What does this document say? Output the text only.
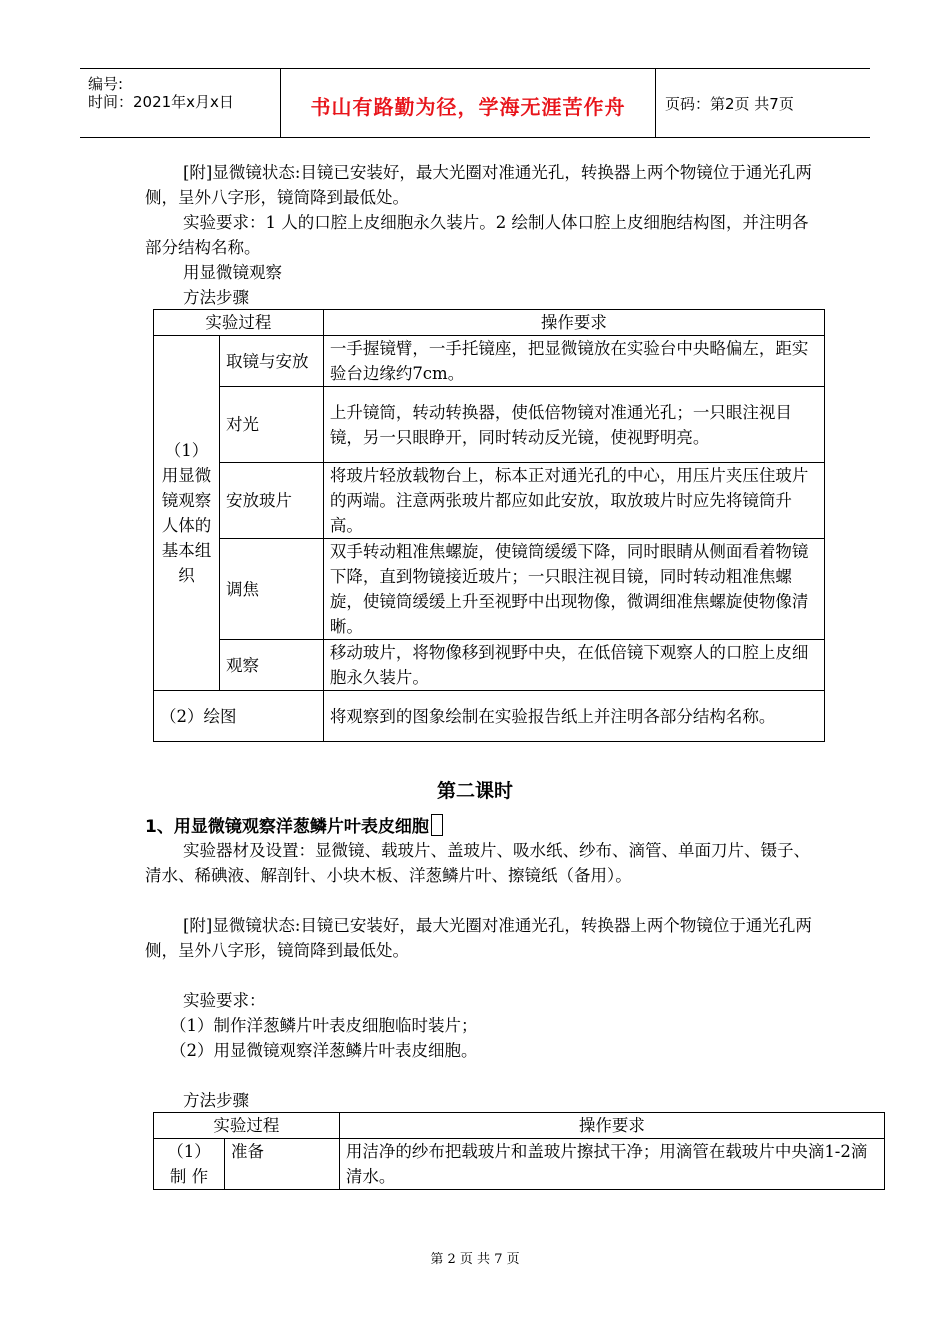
编号:
时间：2021年x月x日	书山有路勤为径，学海无涯苦作舟	页码：第2页 共7页
[附]显微镜状态:目镜已安装好，最大光圈对准通光孔，转换器上两个物镜位于通光孔两侧，呈外八字形，镜筒降到最低处。
实验要求：1 人的口腔上皮细胞永久装片。2 绘制人体口腔上皮细胞结构图，并注明各部分结构名称。
用显微镜观察
方法步骤
实验过程		操作要求
（1）用显微镜观察人体的基本组织	取镜与安放	一手握镜臂，一手托镜座，把显微镜放在实验台中央略偏左，距实验台边缘约7cm。
	对光	上升镜筒，转动转换器，使低倍物镜对准通光孔；一只眼注视目镜，另一只眼睁开，同时转动反光镜，使视野明亮。
	安放玻片	将玻片轻放载物台上，标本正对通光孔的中心，用压片夹压住玻片的两端。注意两张玻片都应如此安放，取放玻片时应先将镜筒升高。
	调焦	双手转动粗准焦螺旋，使镜筒缓缓下降，同时眼睛从侧面看着物镜下降，直到物镜接近玻片；一只眼注视目镜，同时转动粗准焦螺旋，使镜筒缓缓上升至视野中出现物像，微调细准焦螺旋使物像清晰。
	观察	移动玻片，将物像移到视野中央，在低倍镜下观察人的口腔上皮细胞永久装片。
（2）绘图		将观察到的图象绘制在实验报告纸上并注明各部分结构名称。
第二课时
1、用显微镜观察洋葱鳞片叶表皮细胞
实验器材及设置：显微镜、载玻片、盖玻片、吸水纸、纱布、滴管、单面刀片、镊子、清水、稀碘液、解剖针、小块木板、洋葱鳞片叶、擦镜纸（备用）。
[附]显微镜状态:目镜已安装好，最大光圈对准通光孔，转换器上两个物镜位于通光孔两侧，呈外八字形，镜筒降到最低处。
实验要求：
（1）制作洋葱鳞片叶表皮细胞临时装片；
（2）用显微镜观察洋葱鳞片叶表皮细胞。
方法步骤
实验过程		操作要求

（1）
制 作	准备	用洁净的纱布把载玻片和盖玻片擦拭干净；用滴管在载玻片中央滴1-2滴清水。
第 2 页 共 7 页
